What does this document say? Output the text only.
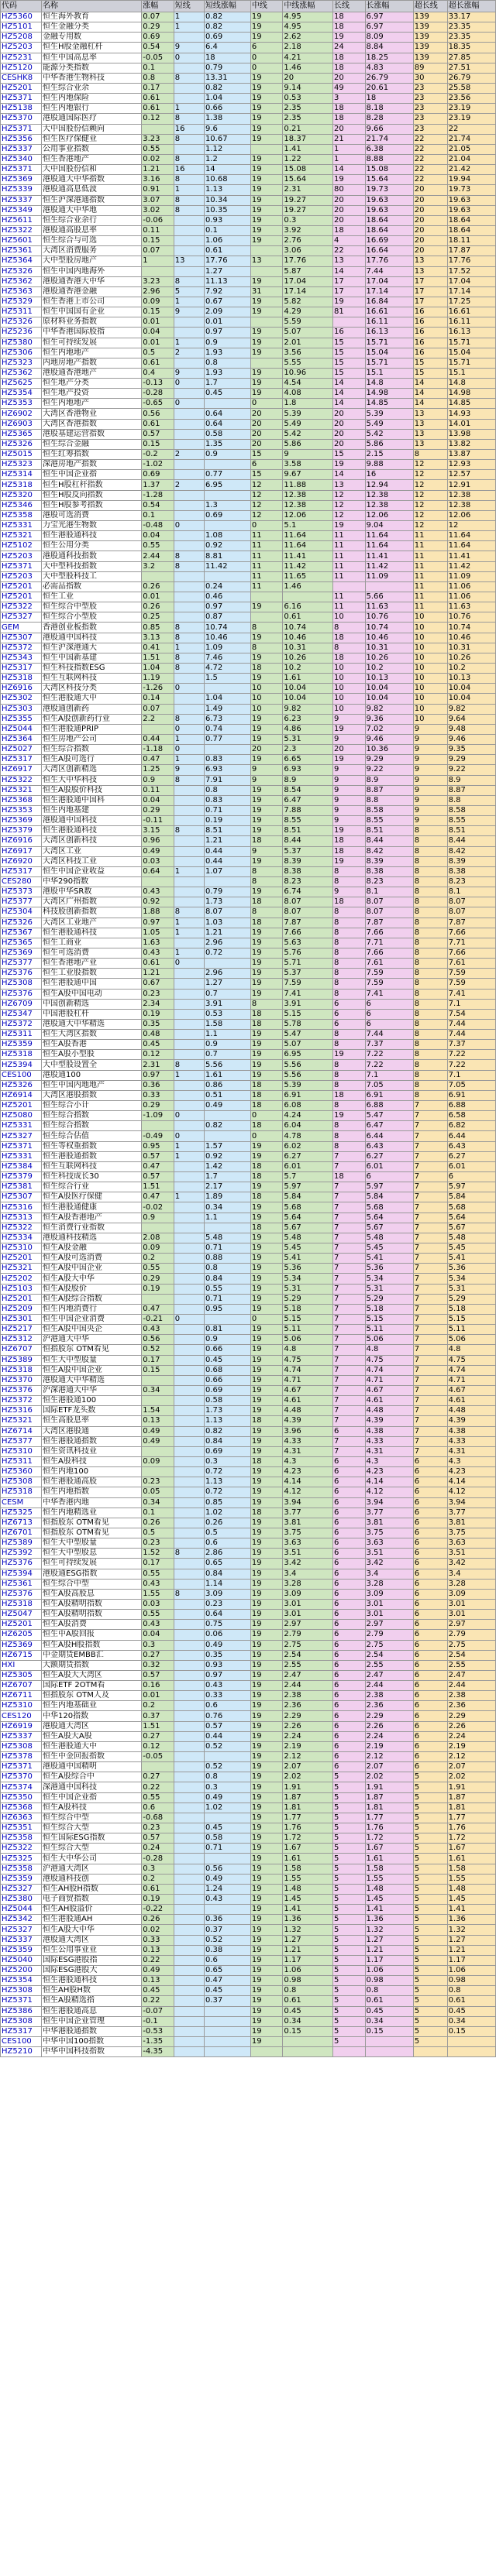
代码	名称	涨幅	短线	短线涨幅	中线	中线涨幅	长线	长涨幅	超长线	超长涨幅
HZ5360	恒生海外教育	0.07	1	0.82	19	4.95	18	6.97	139	33.17
HZ5101	恒生金融分类	0.29	1	0.82	19	4.95	18	6.97	139	23.35
HZ5208	金融专用数	0.69		0.69	19	2.62	19	8.09	139	23.35
HZ5203	恒生H股金融杠杆	0.54	9	6.4	6	2.18	24	8.84	139	18.35
HZ5231	恒生中国高息率	-0.05	0	18	0	4.21	18	18.25	139	27.85
HZ5120	能源分类指数	0.1		0.79	0	1.46	18	4.83	89	27.51
CESHK8	中华香港生物科技	0.8	8	13.31	19	20	20	26.79	30	26.79
HZ5201	恒生综合业余	0.17		0.82	19	9.14	49	20.61	23	25.58
HZ5371	恒生内地保险	0.61		1.04	19	0.53	3	18	23	23.56
HZ5138	恒生内地银行	0.61	1	0.66	19	2.35	18	8.18	23	23.19
HZ5370	港股通国际医疗	0.12	8	1.38	19	2.35	18	8.28	23	23.19
HZ5371	大中国股份信赖向		16	9.6	19	0.21	20	9.66	23	22
HZ5356	恒生医疗保健业	3.23	8	10.67	19	18.37	21	21.74	22	21.74
HZ5337	公用事业指数	0.55		1.12		1.41	1	6.38	22	21.05
HZ5340	恒生香港地产	0.02	8	1.2	19	1.22	1	8.88	22	21.04
HZ5371	大中国股份信和	1.21	16	14	19	15.08	14	15.08	22	21.42
HZ5369	港股通大中华指数	3.16	8	10.68	19	15.64	19	15.64	22	19.94
HZ5339	港股通高息低波	0.91	1	1.13	19	2.31	80	19.73	20	19.73
HZ5337	恒生沪深港通指数	3.07	8	10.34	19	19.27	20	19.63	20	19.63
HZ5349	港股通大中华地	3.02	8	10.35	19	19.27	20	19.63	20	19.63
HZ5611	恒生综合业余行	-0.06		0.93	19	0.3	20	18.64	20	18.64
HZ5322	港股通高股息率	0.11		0.1	19	3.92	18	18.64	20	18.64
HZ5601	恒生综合与可选	0.15		1.06	19	2.76	4	16.69	20	18.11
HZ5361	大湾区消费服务	0.07		0.61		3.06	22	16.64	20	17.87
HZ5364	大中型股房地产	1	13	17.76	13	17.76	13	17.76	13	17.76
HZ5326	恒生中国内地海外			1.27		5.87	14	7.44	13	17.52
HZ5362	港股通香港大中华	3.23	8	11.13	19	17.04	17	17.04	17	17.04
HZ5363	港股通香港金融	2.96	5	7.92	31	17.14	17	17.14	17	17.14
HZ5329	恒生香港上市公司	0.09	1	0.67	19	5.82	19	16.84	17	17.25
HZ5311	恒生中国国有企业	0.15	9	2.09	19	4.29	81	16.61	16	16.61
HZ5326	原材料业务指数	0.01		0.01		5.59		16.11	16	16.11
HZ5236	中华香港国际股指	0.04		0.97	19	5.07	16	16.13	16	16.13
HZ5380	恒生可持续发展	0.01	1	0.9	19	2.01	15	15.71	16	15.71
HZ5306	恒生内地地产	0.5	2	1.93	19	3.56	15	15.04	16	15.04
HZ5323	内地房地产指数	0.61		0.8		5.55	15	15.71	15	15.71
HZ5362	港股通香港地产	0.4	9	1.93	19	10.96	15	15.1	15	15.1
HZ5625	恒生地产分类	-0.13	0	1.7	19	4.54	14	14.8	14	14.8
HZ5354	恒生地产投资	-0.28		0.45	19	4.08	14	14.98	14	14.98
HZ5353	恒生内地地产	-0.65	0		0	1.8	14	14.85	14	14.85
HZ6902	大湾区香港物业	0.56		0.64	20	5.39	20	5.39	13	14.93
HZ6903	大湾区香港指数	0.61		0.64	20	5.49	20	5.49	13	14.01
HZ5365	港股基建运营指数	0.57		0.58	20	5.42	20	5.42	13	13.98
HZ5326	恒生综合金融	0.15		1.35	20	5.86	20	5.86	13	13.82
HZ5015	恒生红筹指数	-0.2	2	0.9	15	9	15	2.15	8	13.87
HZ5323	深港房地产指数	-1.02			6	3.58	19	9.88	12	12.93
HZ5314	恒生中国企业指	0.69		0.77	15	9.67	14	16	12	12.57
HZ5318	恒生H股杠杆指数	1.37	2	6.95	12	11.88	13	12.94	12	12.91
HZ5320	恒生H股反向指数	-1.28			12	12.38	12	12.38	12	12.38
HZ5346	恒生H股参考指数	0.54		1.3	12	12.38	12	12.38	12	12.38
HZ5358	港股可选消费	0.1		0.69	12	12.06	12	12.06	12	12.06
HZ5331	力宝光港生物数	-0.48	0		0	5.1	19	9.04	12	12
HZ5321	恒生港股通科技	0.04		1.08	11	11.64	11	11.64	11	11.64
HZ5102	恒生公用分类	0.55		0.92	11	11.64	11	11.64	11	11.64
HZ5203	港股通科技指数	2.44	8	8.81	11	11.41	11	11.41	11	11.41
HZ5371	大中型科技指数	3.2	8	11.42	11	11.42	11	11.42	11	11.42
HZ5203	大中型股科技工				11	11.65	11	11.09	11	11.09
HZ5201	必需品指数	0.26		0.24	11	1.46			11	11.06
HZ5201	恒生工业	0.01		0.46			11	5.66	11	11.06
HZ5322	恒生综合中型股	0.26		0.97	19	6.16	11	11.63	11	11.63
HZ5327	恒生综合小型股	0.25		0.87		0.61	10	10.76	10	10.76
GEM	香港创业板指数	0.85	8	10.74	8	10.74	8	10.74	10	10.74
HZ5307	港股通中国科技	3.13	8	10.46	19	10.46	18	10.46	10	10.46
HZ5372	恒生沪深港通大	0.41	1	1.09	8	10.31	8	10.31	10	10.31
HZ5343	恒生中国新基建	1.51	8	7.46	19	10.26	18	10.26	10	10.26
HZ5317	恒生科技指数ESG	1.04	8	4.72	18	10.2	10	10.2	10	10.2
HZ5318	恒生互联网科技	1.19		1.5	19	1.61	10	10.13	10	10.13
HZ6916	大湾区科技分类	-1.26	0		10	10.04	10	10.04	10	10.04
HZ5302	恒生港股通大中	0.14		1.04	10	10.04	10	10.04	10	10.04
HZ5303	港股通创新药	0.07		1.49	10	9.82	10	9.82	10	9.82
HZ5355	恒生A股创新药行业	2.2	8	6.73	19	6.23	9	9.36	10	9.64
HZ5044	恒生港股通PRIP		0	0.74	19	4.86	19	7.02	9	9.48
HZ5364	恒生房地产公司	0.44	1	0.77	19	5.31	9	9.46	9	9.46
HZ5027	恒生综合指数	-1.18	0		20	2.3	20	10.36	9	9.35
HZ5317	恒生A股可选行	0.47	1	0.83	19	6.65	19	9.29	9	9.29
HZ6917	大湾区创新精选	1.25	9	6.93	9	6.93	9	9.22	9	9.22
HZ5322	恒生大中华科技	0.9	8	7.91	9	8.9	9	8.9	9	8.9
HZ5321	恒生A股股价科技	0.11		0.8	19	8.54	9	8.87	9	8.87
HZ5368	恒生港股通中国科	0.04		0.83	19	6.47	9	8.8	9	8.8
HZ5353	恒生内地基建	0.29		0.71	19	7.88	9	8.58	9	8.58
HZ5369	港股通中国科技	-0.11		0.19	19	8.55	9	8.55	9	8.55
HZ5379	恒生港股通科技	3.15	8	8.51	19	8.51	19	8.51	8	8.51
HZ6916	大湾区创新科技	0.96		1.21	18	8.44	18	8.44	8	8.44
HZ6917	大湾区工业	0.49		0.44	9	5.37	18	8.42	8	8.42
HZ6920	大湾区科技工业	0.03		0.44	19	8.39	19	8.39	8	8.39
HZ5317	恒生中国企业收益	0.64	1	1.07	8	8.38	8	8.38	8	8.38
CES280	中华290指数				8	8.23	8	8.23	8	8.23
HZ5373	港股中华SR数	0.43		0.79	19	6.74	9	8.1	8	8.1
HZ5377	大湾区广州指数	0.92		1.73	18	8.07	18	8.07	8	8.07
HZ5304	科技股创新指数	1.88	8	8.07	8	8.07	8	8.07	8	8.07
HZ5326	大湾区工业地产	0.97	1	1.03	18	7.87	8	7.87	8	7.87
HZ5367	恒生港股通科技	1.05	1	1.21	19	7.66	8	7.66	8	7.66
HZ5365	恒生工商业	1.63		2.96	19	5.63	8	7.71	8	7.71
HZ5369	恒生可选消费	0.43	1	0.72	19	5.76	8	7.66	8	7.66
HZ5377	恒生香港地产业	0.61	0		19	5.71	8	7.61	8	7.61
HZ5376	恒生工业股指数	1.21		2.96	19	5.37	8	7.59	8	7.59
HZ5308	恒生港股通中国	0.67		1.27	19	7.59	8	7.59	8	7.59
HZ5376	恒生A股中国电动	0.23		0.7	19	7.41	8	7.41	8	7.41
HZ6709	中国创新精选	2.34		3.91	8	3.91	6	6	8	7.1
HZ5347	中国港股杠杆	0.19		0.53	18	5.15	6	6	8	7.54
HZ5372	港股通大中华精选	0.35		1.58	18	5.78	6	6	8	7.44
HZ5311	恒生大湾区指数	0.48		1.1	19	5.47	8	7.44	8	7.44
HZ5359	恒生A股香港	0.45		0.9	19	5.07	8	7.37	8	7.37
HZ5318	恒生A股小型股	0.12		0.7	19	6.95	19	7.22	8	7.22
HZ5394	大中型股设置全	2.31	8	5.56	19	5.56	8	7.22	8	7.22
CES100	港股通100	0.97	1	1.61	19	5.56	8	7.1	8	7.1
HZ5326	恒生中国内地地产	0.36		0.86	18	5.39	8	7.05	8	7.05
HZ6914	大湾区港股指数	0.33		0.51	18	6.91	18	6.91	8	6.91
HZ5201	恒生综合小计	0.29		0.49	18	6.08	8	6.88	7	6.88
HZ5080	恒生综合指数	-1.09	0		0	4.24	19	5.47	7	6.58
HZ5331	恒生综合指数			0.82	18	6.04	8	6.47	7	6.82
HZ5327	恒生综合估值	-0.49	0		0	4.78	8	6.44	7	6.44
HZ5371	恒生等权重指数	0.95	1	1.57	19	6.02	8	6.43	7	6.43
HZ5331	恒生港股通指数	0.57	1	0.92	19	6.27	7	6.27	7	6.27
HZ5384	恒生互联网科技	0.47		1.42	18	6.01	7	6.01	7	6.01
HZ5379	恒生科技成长30	0.57		1.7	18	5.7	18	6	7	6
HZ5381	恒生综合行业	1.51		2.17	19	5.97	7	5.97	7	5.97
HZ5307	恒生A股医疗保健	0.47	1	1.89	18	5.84	7	5.84	7	5.84
HZ5316	恒生港股通健康	-0.02		0.34	19	5.68	7	5.68	7	5.68
HZ5313	恒生A股香港地产	0.9		1.1	19	5.64	7	5.64	7	5.64
HZ5322	恒生消费行业指数				18	5.67	7	5.67	7	5.67
HZ5334	港股通科技精选	2.08		5.48	19	5.48	7	5.48	7	5.48
HZ5310	恒生A股金融	0.09		0.71	19	5.45	7	5.45	7	5.45
HZ5201	恒生A股可选消费	0.2		0.88	19	5.41	7	5.41	7	5.41
HZ5321	恒生A股中国企业	0.55		0.8	19	5.36	7	5.36	7	5.36
HZ5202	恒生A股大中华	0.29		0.84	19	5.34	7	5.34	7	5.34
HZ5103	恒生A股股价	0.19		0.55	19	5.31	7	5.31	7	5.31
HZ5201	恒生A股综合指数			0.71	19	5.29	7	5.29	7	5.29
HZ5209	恒生内地消费行	0.47		0.95	19	5.18	7	5.18	7	5.18
HZ5301	恒生中国企业消费	-0.21	0		0	5.15	7	5.15	7	5.15
HZ5217	恒生A股中国央企	0.43		0.81	19	5.11	7	5.11	7	5.11
HZ5312	沪港通大中华	0.56		0.9	19	5.06	7	5.06	7	5.06
HZ6707	恒指股东 OTM看见	0.52		0.66	19	4.8	7	4.8	7	4.8
HZ5389	恒生大中型股量	0.17		0.45	19	4.75	7	4.75	7	4.75
HZ5318	恒生A股中国企业	0.15		0.68	19	4.74	7	4.74	7	4.74
HZ5370	港股通大中华精选			0.66	19	4.71	7	4.71	7	4.71
HZ5376	沪深港通大中华	0.34		0.69	19	4.67	7	4.67	7	4.67
HZ5372	恒生港股通100			0.58	19	4.61	7	4.61	7	4.61
HZ5316	国际ETF龙头数	1.54		1.73	19	4.48	7	4.48	7	4.48
HZ5321	恒生高股息率	0.13		1.13	18	4.39	7	4.39	7	4.39
HZ6714	大湾区港股通	0.49		0.82	19	3.96	6	4.38	7	4.38
HZ5377	恒生港股通指数	0.49		0.84	19	4.33	7	4.33	7	4.33
HZ5310	恒生资讯科技业			0.69	19	4.31	7	4.31	7	4.31
HZ5311	恒生A股科技	0.09		0.3	18	4.3	6	4.3	6	4.3
HZ5360	恒生内地100			0.72	19	4.23	6	4.23	6	4.23
HZ5308	恒生港股通高股	0.23		1.13	19	4.14	6	4.14	6	4.14
HZ5318	恒生内地指数	0.05		0.72	19	4.12	6	4.12	6	4.12
CESM	中华香港内地	0.34		0.85	19	3.94	6	3.94	6	3.94
HZ5325	恒生内地精选业	0.1		1.02	18	3.77	6	3.77	6	3.77
HZ6713	恒指股东 OTM看见	0.26		0.26	19	3.81	6	3.81	6	3.81
HZ6701	恒指股东 OTM看见	0.5		0.5	19	3.75	6	3.75	6	3.75
HZ5389	恒生大中型股量	0.23		0.6	19	3.63	6	3.63	6	3.63
HZ5392	恒生大中型股息	1.52	8	2.86	19	3.51	6	3.51	6	3.51
HZ5376	恒生可持续发展	0.17		0.65	19	3.42	6	3.42	6	3.42
HZ5394	港股通ESG指数	0.55		0.84	19	3.4	6	3.4	6	3.4
HZ5361	恒生综合中型	0.43		1.14	19	3.28	6	3.28	6	3.28
HZ5376	恒生A股高股息	1.55	8	3.09	19	3.09	6	3.09	6	3.09
HZ5318	恒生A股精明指数	0.03		0.23	19	3.01	6	3.01	6	3.01
HZ5047	恒生A股精明指数	0.55		0.64	19	3.01	6	3.01	6	3.01
HZ5201	恒生A股消费	0.43		0.75	19	2.97	6	2.97	6	2.97
HZ6205	恒生中A股回报	0.04		0.06	19	2.79	6	2.79	6	2.79
HZ5369	恒生A股H股指数	0.3		0.49	19	2.75	6	2.75	6	2.75
HZ6715	中金期货EMBB汇	0.27		0.35	19	2.54	6	2.54	6	2.54
HXI	大额期货指数	0.32		0.93	19	2.55	6	2.55	6	2.55
HZ5305	恒生A股大大湾区	0.57		0.97	19	2.47	6	2.47	6	2.47
HZ6707	国际ETF 2OTM看	0.16		0.43	19	2.44	6	2.44	6	2.44
HZ6711	恒指股东 OTM人及	0.01		0.33	19	2.38	6	2.38	6	2.38
HZ5310	恒生内地基础业	0.2		0.6	19	2.36	6	2.36	6	2.36
CES120	中华120指数	0.37		0.76	19	2.29	6	2.29	6	2.29
HZ6919	港股通大湾区	1.51		0.57	19	2.26	6	2.26	6	2.26
HZ5337	恒生A股大A股	0.27		0.44	19	2.24	6	2.24	6	2.24
HZ5308	恒生港股通大中	0.12		0.52	19	2.19	6	2.19	6	2.19
HZ5378	恒生中金回报指数	-0.05			19	2.12	6	2.12	6	2.12
HZ5371	港股通中国精明			0.52	19	2.07	6	2.07	6	2.07
HZ5370	恒生A股综合中	0.27		0.8	19	2.02	5	2.02	5	2.02
HZ5374	深港通中国科技	0.22		0.3	19	1.91	5	1.91	5	1.91
HZ5350	恒生中国企业指	0.55		0.49	19	1.87	5	1.87	5	1.87
HZ5368	恒生A股科技	0.6		1.02	19	1.81	5	1.81	5	1.81
HZ6363	恒生综合中型	-0.68			19	1.77	5	1.77	5	1.77
HZ5351	恒生综合大型	0.23		0.45	19	1.76	5	1.76	5	1.76
HZ5358	恒生国际ESG指数	0.57		0.58	19	1.72	5	1.72	5	1.72
HZ5322	恒生综合大型	0.24		0.71	19	1.67	5	1.67	5	1.67
HZ5325	恒生大中华公司	-0.28			19	1.61	5	1.61	5	1.61
HZ5358	沪港通大湾区	0.3		0.56	19	1.58	5	1.58	5	1.58
HZ5359	港股通科技创	0.2		0.49	19	1.55	5	1.55	5	1.55
HZ5327	恒生AH股H指数	0.61		1.24	19	1.48	5	1.48	5	1.48
HZ5380	电子商贸指数	0.19		0.43	19	1.45	5	1.45	5	1.45
HZ5044	恒生AH股溢价	-0.22			19	1.41	5	1.41	5	1.41
HZ5342	恒生港股通AH	0.26		0.36	19	1.36	5	1.36	5	1.36
HZ5327	恒生A股大中华	0.02		0.37	19	1.32	5	1.32	5	1.32
HZ5337	港股通大湾区	0.33		0.52	19	1.27	5	1.27	5	1.27
HZ5359	恒生公用事业业	0.13		0.38	19	1.21	5	1.21	5	1.21
HZ5040	国际ESG港股指	0.22		0.6	19	1.17	5	1.17	5	1.17
HZ5200	国际ESG港股大	0.49		0.65	19	1.06	5	1.06	5	1.06
HZ5354	恒生港股通科技	0.13		0.47	19	0.98	5	0.98	5	0.98
HZ5308	恒生AH股H数	0.45		0.45	19	0.8	5	0.8	5	0.8
HZ5371	恒生A股精选指	0.22		0.37	19	0.61	5	0.61	5	0.61
HZ5386	恒生港股通高息	-0.07			19	0.45	5	0.45	5	0.45
HZ5308	恒生中国企业管理	-0.1			19	0.34	5	0.34	5	0.34
HZ5317	中华港股通指数	-0.53			19	0.15	5	0.15	5	0.15
CES100	中华中国100指数	-1.35			19		5		5	
HZ5210	中华中国科技指数	-4.35								
